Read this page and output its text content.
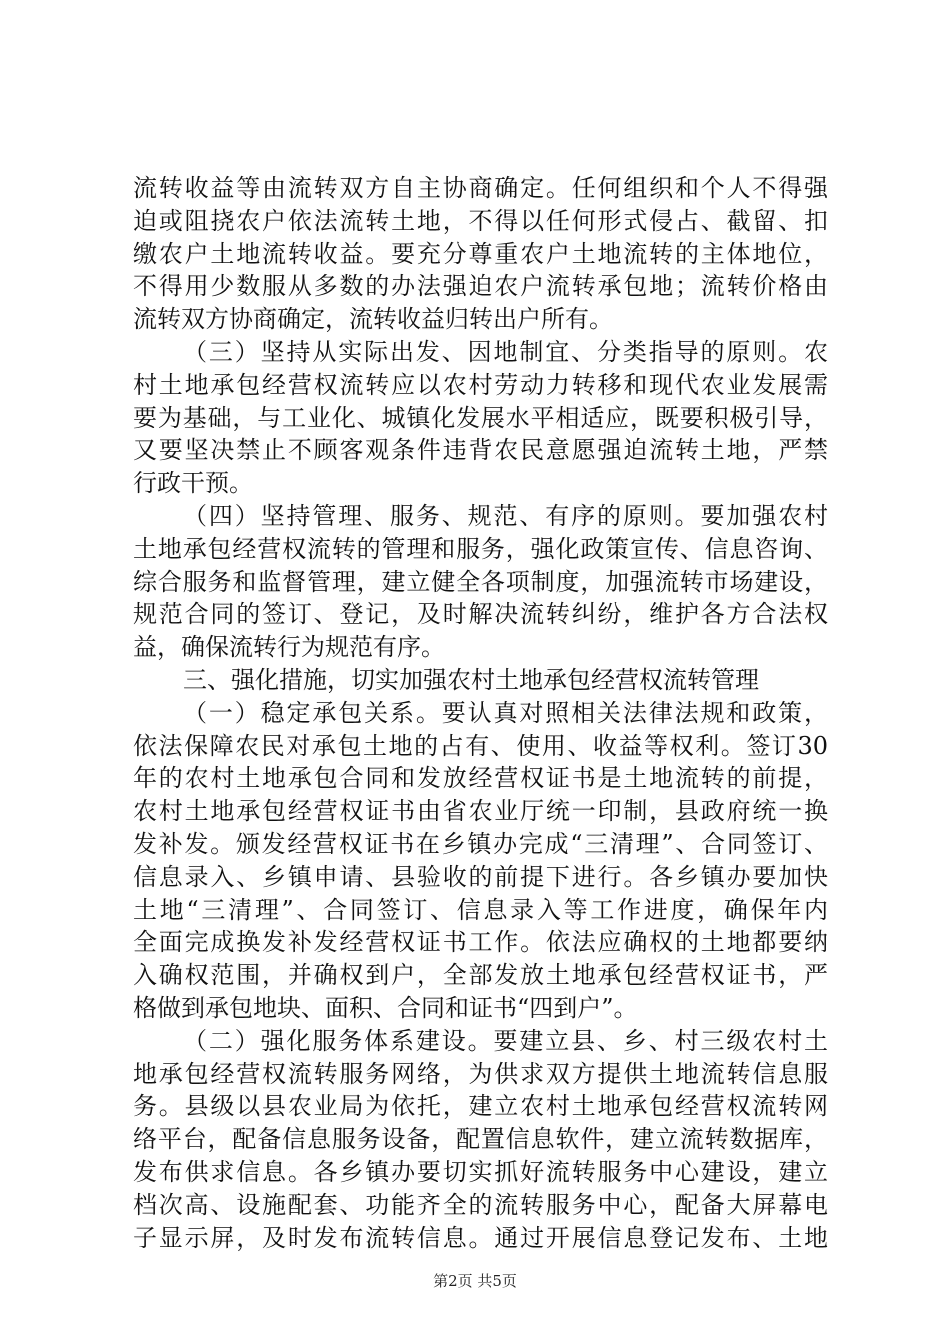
流转收益等由流转双方自主协商确定。任何组织和个人不得强
迫或阻挠农户依法流转土地，不得以任何形式侵占、截留、扣
缴农户土地流转收益。要充分尊重农户土地流转的主体地位，
不得用少数服从多数的办法强迫农户流转承包地；流转价格由
流转双方协商确定，流转收益归转出户所有。
（三）坚持从实际出发、因地制宜、分类指导的原则。农
村土地承包经营权流转应以农村劳动力转移和现代农业发展需
要为基础，与工业化、城镇化发展水平相适应，既要积极引导，
又要坚决禁止不顾客观条件违背农民意愿强迫流转土地，严禁
行政干预。
（四）坚持管理、服务、规范、有序的原则。要加强农村
土地承包经营权流转的管理和服务，强化政策宣传、信息咨询、
综合服务和监督管理，建立健全各项制度，加强流转市场建设，
规范合同的签订、登记，及时解决流转纠纷，维护各方合法权
益，确保流转行为规范有序。
三、强化措施，切实加强农村土地承包经营权流转管理
（一）稳定承包关系。要认真对照相关法律法规和政策，
依法保障农民对承包土地的占有、使用、收益等权利。签订30
年的农村土地承包合同和发放经营权证书是土地流转的前提，
农村土地承包经营权证书由省农业厅统一印制，县政府统一换
发补发。颁发经营权证书在乡镇办完成“三清理”、合同签订、
信息录入、乡镇申请、县验收的前提下进行。各乡镇办要加快
土地“三清理”、合同签订、信息录入等工作进度，确保年内
全面完成换发补发经营权证书工作。依法应确权的土地都要纳
入确权范围，并确权到户，全部发放土地承包经营权证书，严
格做到承包地块、面积、合同和证书“四到户”。
（二）强化服务体系建设。要建立县、乡、村三级农村土
地承包经营权流转服务网络，为供求双方提供土地流转信息服
务。县级以县农业局为依托，建立农村土地承包经营权流转网
络平台，配备信息服务设备，配置信息软件，建立流转数据库，
发布供求信息。各乡镇办要切实抓好流转服务中心建设，建立
档次高、设施配套、功能齐全的流转服务中心，配备大屏幕电
子显示屏，及时发布流转信息。通过开展信息登记发布、土地
第2页 共5页
